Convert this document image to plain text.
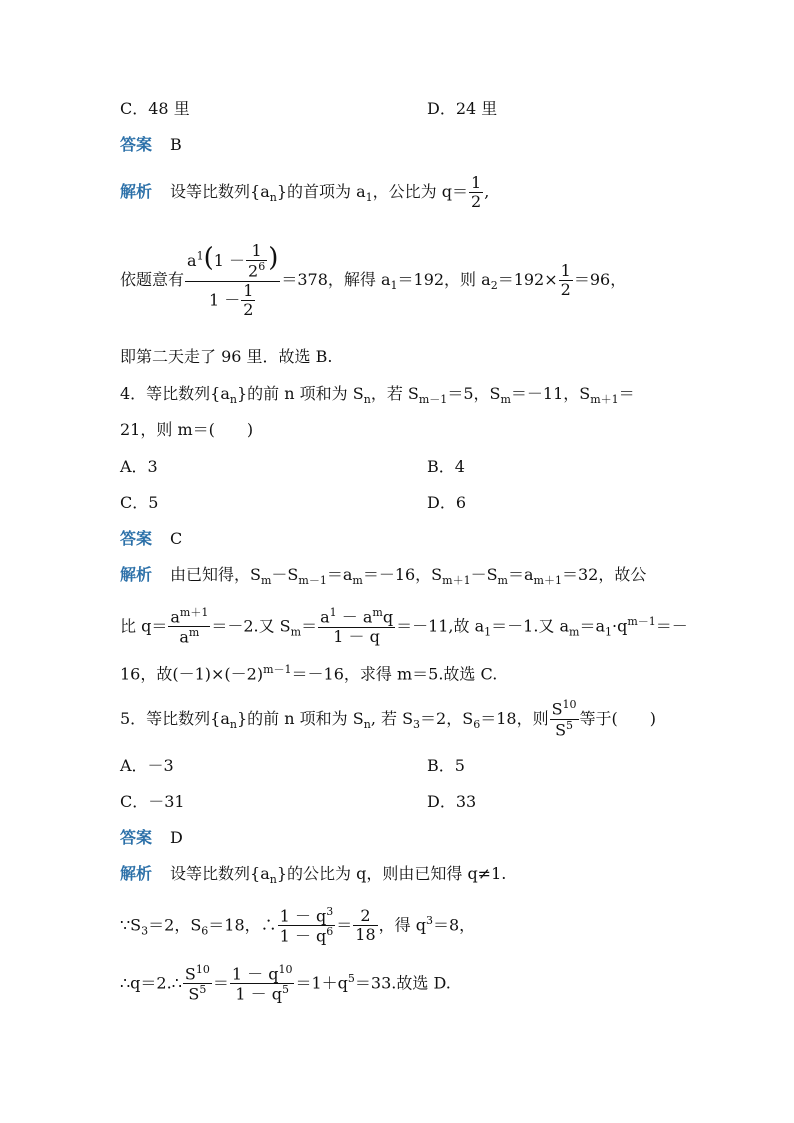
C．48 里	D．24 里
答案 B
解析 设等比数列$\{a_n\}$的首项为 $a_1$，公比为 $q= \frac{1}{2}$ ,
依题意有 $\frac{a^1(1 - \frac{1}{2^6} )}{1 - \frac{1}{2}} =378$，解得 $a_1=192$，则 $a_2=192\times \frac{1}{2} =96$，
即第二天走了 96 里．故选 B.
4．等比数列$\{a_n\}$的前 n 项和为 $S_n$，若 $S_{m-1}=5$，$S_m=-11$，$S_{m+1}=$
21，则 m＝(　　)
A．3	B．4
C．5	D．6
答案 C
解析 由已知得，$S_m-S_{m-1}=a_m=-16$，$S_{m+1}-S_m=a_{m+1}=32$，故公
比 $q= \frac{a^{m+1}}{a^m} =-2$.又 $S_m= \frac{a^1 - a^mq}{1 - q} =-11$,故 $a_1=-1$.又 $a_m=a_1\cdot q^{m-1}=-$
16，故$(-1)\times(-2)^{m-1}=-16$，求得 m＝5.故选 C.
5．等比数列$\{a_n\}$的前 n 项和为 $S_n$, 若 $S_3=2$，$S_6=18$，则 $\frac{S^{10}}{S^5}$ 等于(　　)
A．－3	B．5
C．－31	D．33
答案 D
解析 设等比数列$\{a_n\}$的公比为 q，则由已知得 q≠1.
$\because S_3=2$，$S_6=18$，∴ $\frac{1 - q^3}{1 - q^6} = \frac{2}{18}$ ，得 $q^3=8$，
∴q＝2.∴ $\frac{S^{10}}{S^5} = \frac{1 - q^{10}}{1 - q^5} =1+q^5=33$.故选 D.
